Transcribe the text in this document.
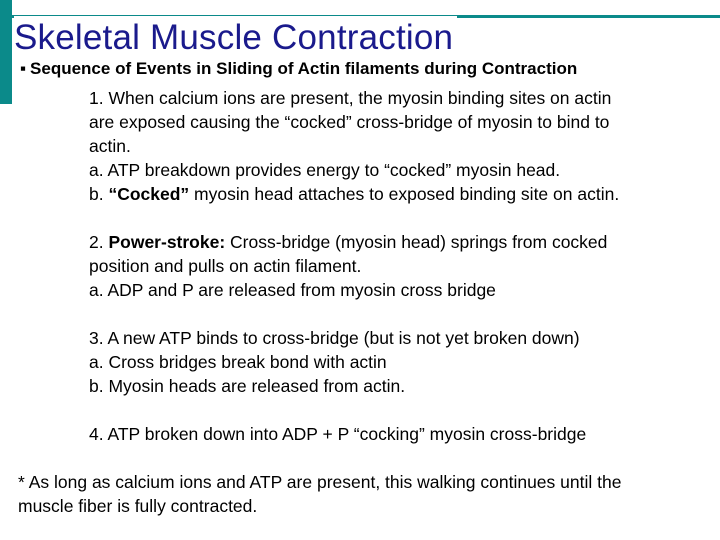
Skeletal Muscle Contraction
▪ Sequence of Events in Sliding of Actin filaments during Contraction

1. When calcium ions are present, the myosin binding sites on actin

are exposed causing the “cocked” cross-bridge of myosin to bind to

actin.

a. ATP breakdown provides energy to “cocked” myosin head.

b. “Cocked” myosin head attaches to exposed binding site on actin.

2. Power-stroke: Cross-bridge (myosin head) springs from cocked

position and pulls on actin filament.

a. ADP and P are released from myosin cross bridge

3. A new ATP binds to cross-bridge (but is not yet broken down)

a. Cross bridges break bond with actin

b. Myosin heads are released from actin.

4. ATP broken down into ADP + P “cocking” myosin cross-bridge

* As long as calcium ions and ATP are present, this walking continues until the

muscle fiber is fully contracted.
